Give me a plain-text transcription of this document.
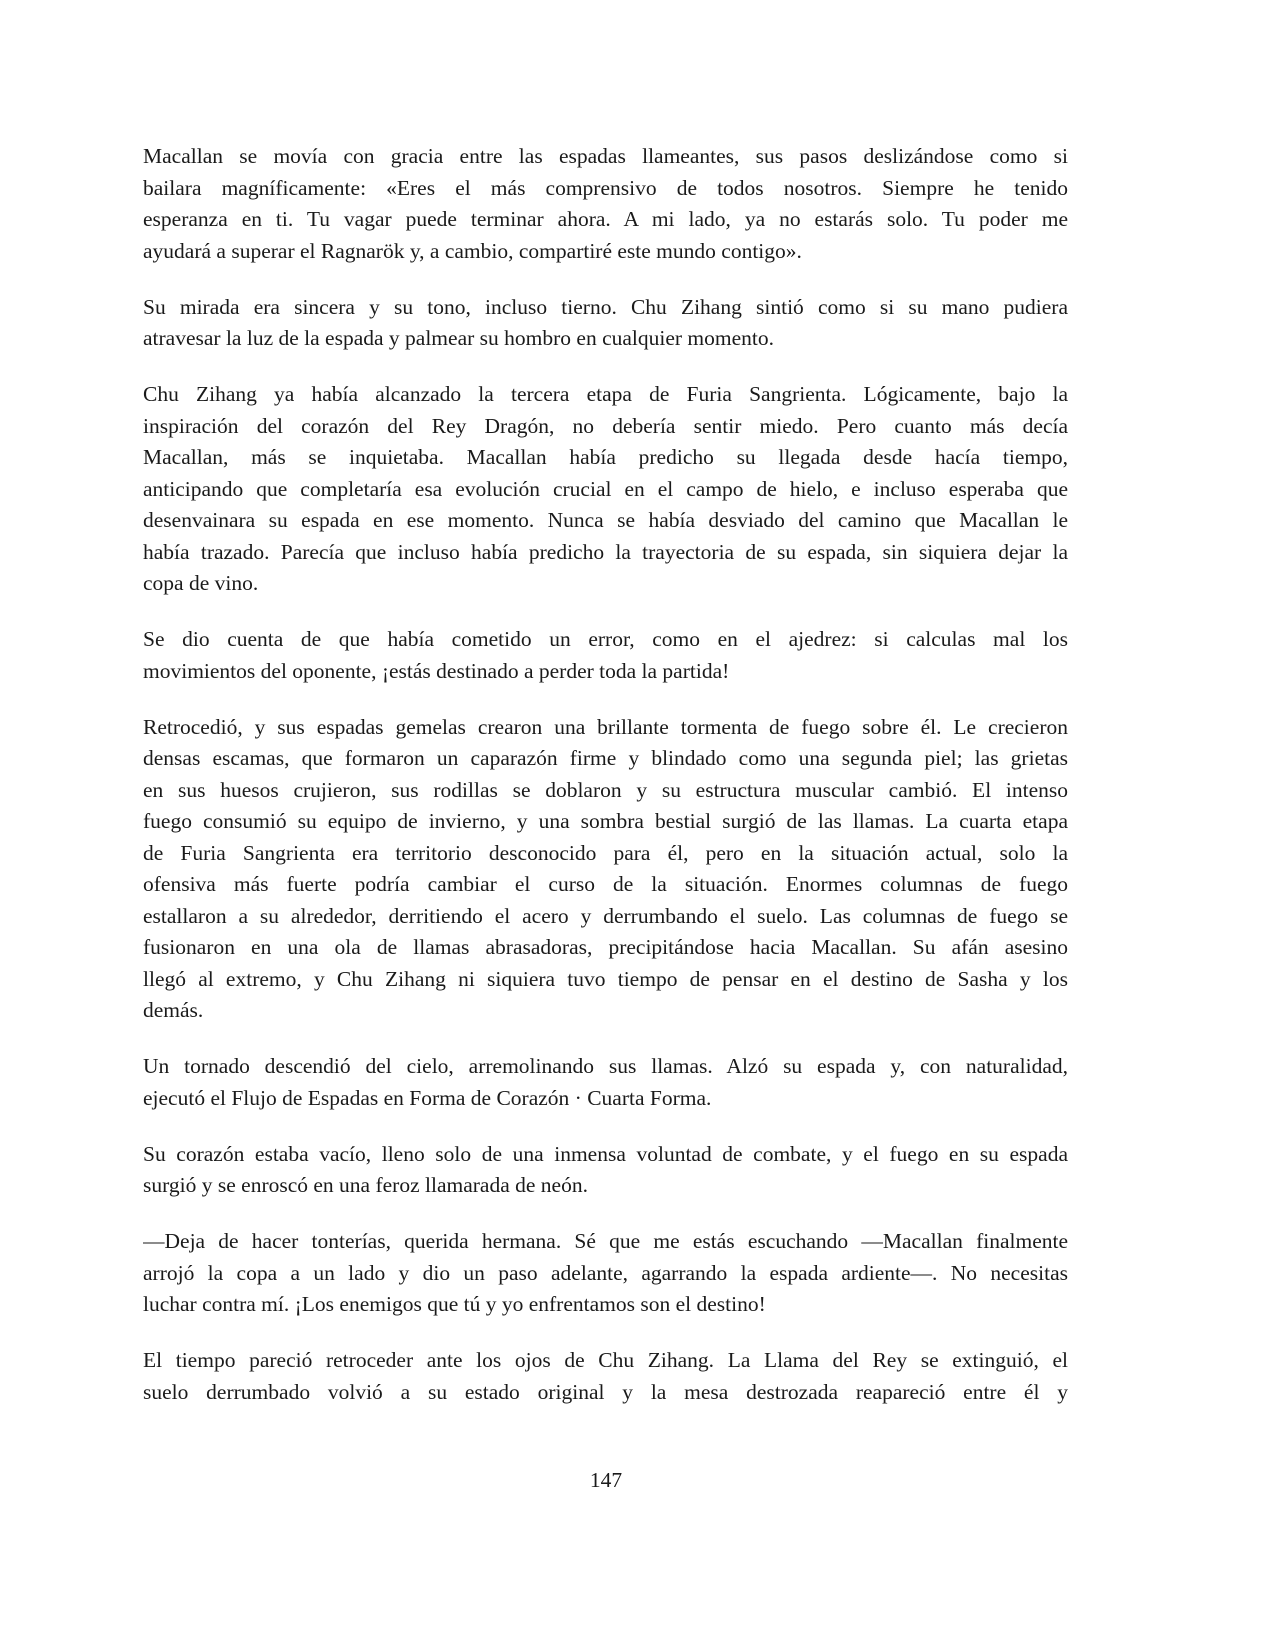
Macallan se movía con gracia entre las espadas llameantes, sus pasos deslizándose como si
bailara magníficamente: «Eres el más comprensivo de todos nosotros. Siempre he tenido
esperanza en ti. Tu vagar puede terminar ahora. A mi lado, ya no estarás solo. Tu poder me
ayudará a superar el Ragnarök y, a cambio, compartiré este mundo contigo».
Su mirada era sincera y su tono, incluso tierno. Chu Zihang sintió como si su mano pudiera
atravesar la luz de la espada y palmear su hombro en cualquier momento.
Chu Zihang ya había alcanzado la tercera etapa de Furia Sangrienta. Lógicamente, bajo la
inspiración del corazón del Rey Dragón, no debería sentir miedo. Pero cuanto más decía
Macallan, más se inquietaba. Macallan había predicho su llegada desde hacía tiempo,
anticipando que completaría esa evolución crucial en el campo de hielo, e incluso esperaba que
desenvainara su espada en ese momento. Nunca se había desviado del camino que Macallan le
había trazado. Parecía que incluso había predicho la trayectoria de su espada, sin siquiera dejar la
copa de vino.
Se dio cuenta de que había cometido un error, como en el ajedrez: si calculas mal los
movimientos del oponente, ¡estás destinado a perder toda la partida!
Retrocedió, y sus espadas gemelas crearon una brillante tormenta de fuego sobre él. Le crecieron
densas escamas, que formaron un caparazón firme y blindado como una segunda piel; las grietas
en sus huesos crujieron, sus rodillas se doblaron y su estructura muscular cambió. El intenso
fuego consumió su equipo de invierno, y una sombra bestial surgió de las llamas. La cuarta etapa
de Furia Sangrienta era territorio desconocido para él, pero en la situación actual, solo la
ofensiva más fuerte podría cambiar el curso de la situación. Enormes columnas de fuego
estallaron a su alrededor, derritiendo el acero y derrumbando el suelo. Las columnas de fuego se
fusionaron en una ola de llamas abrasadoras, precipitándose hacia Macallan. Su afán asesino
llegó al extremo, y Chu Zihang ni siquiera tuvo tiempo de pensar en el destino de Sasha y los
demás.
Un tornado descendió del cielo, arremolinando sus llamas. Alzó su espada y, con naturalidad,
ejecutó el Flujo de Espadas en Forma de Corazón · Cuarta Forma.
Su corazón estaba vacío, lleno solo de una inmensa voluntad de combate, y el fuego en su espada
surgió y se enroscó en una feroz llamarada de neón.
—Deja de hacer tonterías, querida hermana. Sé que me estás escuchando —Macallan finalmente
arrojó la copa a un lado y dio un paso adelante, agarrando la espada ardiente—. No necesitas
luchar contra mí. ¡Los enemigos que tú y yo enfrentamos son el destino!
El tiempo pareció retroceder ante los ojos de Chu Zihang. La Llama del Rey se extinguió, el
suelo derrumbado volvió a su estado original y la mesa destrozada reapareció entre él y
147
